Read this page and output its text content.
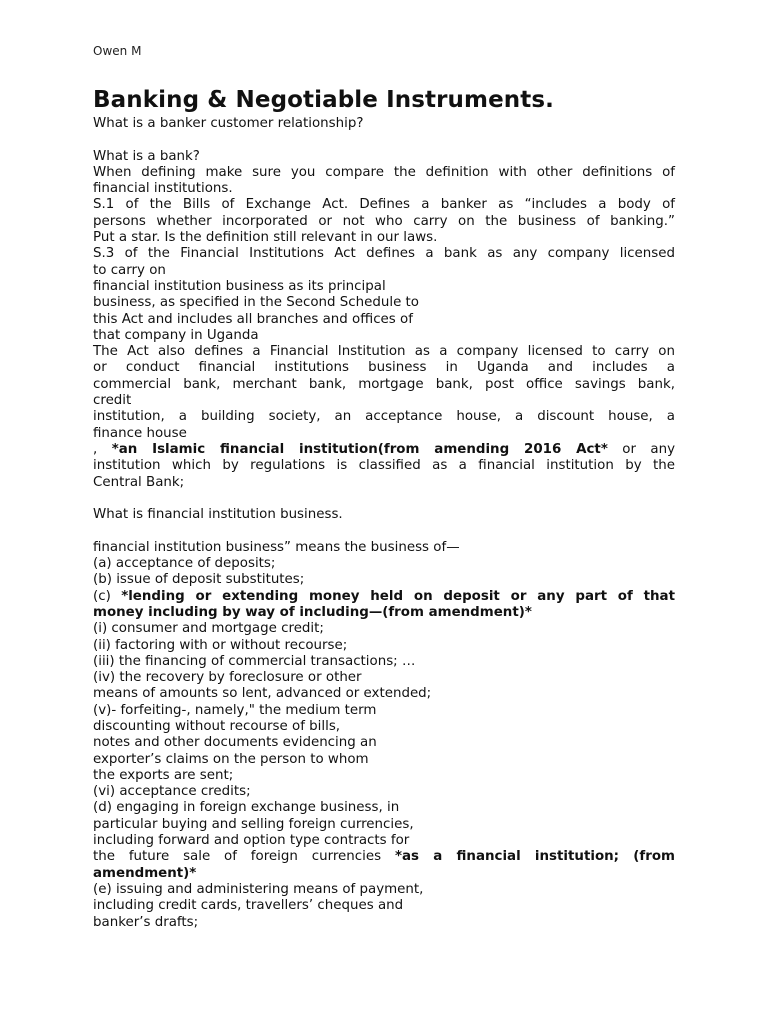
Owen M
Banking & Negotiable Instruments.
What is a banker customer relationship?
What is a bank?
When defining make sure you compare the definition with other definitions of
financial institutions.
S.1 of the Bills of Exchange Act. Defines a banker as “includes a body of
persons whether incorporated or not who carry on the business of banking.”
Put a star. Is the definition still relevant in our laws.
S.3 of the Financial Institutions Act defines a bank as any company licensed
to carry on
financial institution business as its principal
business, as specified in the Second Schedule to
this Act and includes all branches and offices of
that company in Uganda
The Act also defines a Financial Institution as a company licensed to carry on
or conduct financial institutions business in Uganda and includes a
commercial bank, merchant bank, mortgage bank, post office savings bank,
credit
institution, a building society, an acceptance house, a discount house, a
finance house
, *an Islamic financial institution(from amending 2016 Act* or any
institution which by regulations is classified as a financial institution by the
Central Bank;
What is financial institution business.
financial institution business” means the business of—
(a) acceptance of deposits;
(b) issue of deposit substitutes;
(c) *lending or extending money held on deposit or any part of that
money including by way of including—(from amendment)*
(i) consumer and mortgage credit;
(ii) factoring with or without recourse;
(iii) the financing of commercial transactions; …
(iv) the recovery by foreclosure or other
means of amounts so lent, advanced or extended;
(v)- forfeiting-, namely," the medium term
discounting without recourse of bills,
notes and other documents evidencing an
exporter’s claims on the person to whom
the exports are sent;
(vi) acceptance credits;
(d) engaging in foreign exchange business, in
particular buying and selling foreign currencies,
including forward and option type contracts for
the future sale of foreign currencies *as a financial institution; (from
amendment)*
(e) issuing and administering means of payment,
including credit cards, travellers’ cheques and
banker’s drafts;
